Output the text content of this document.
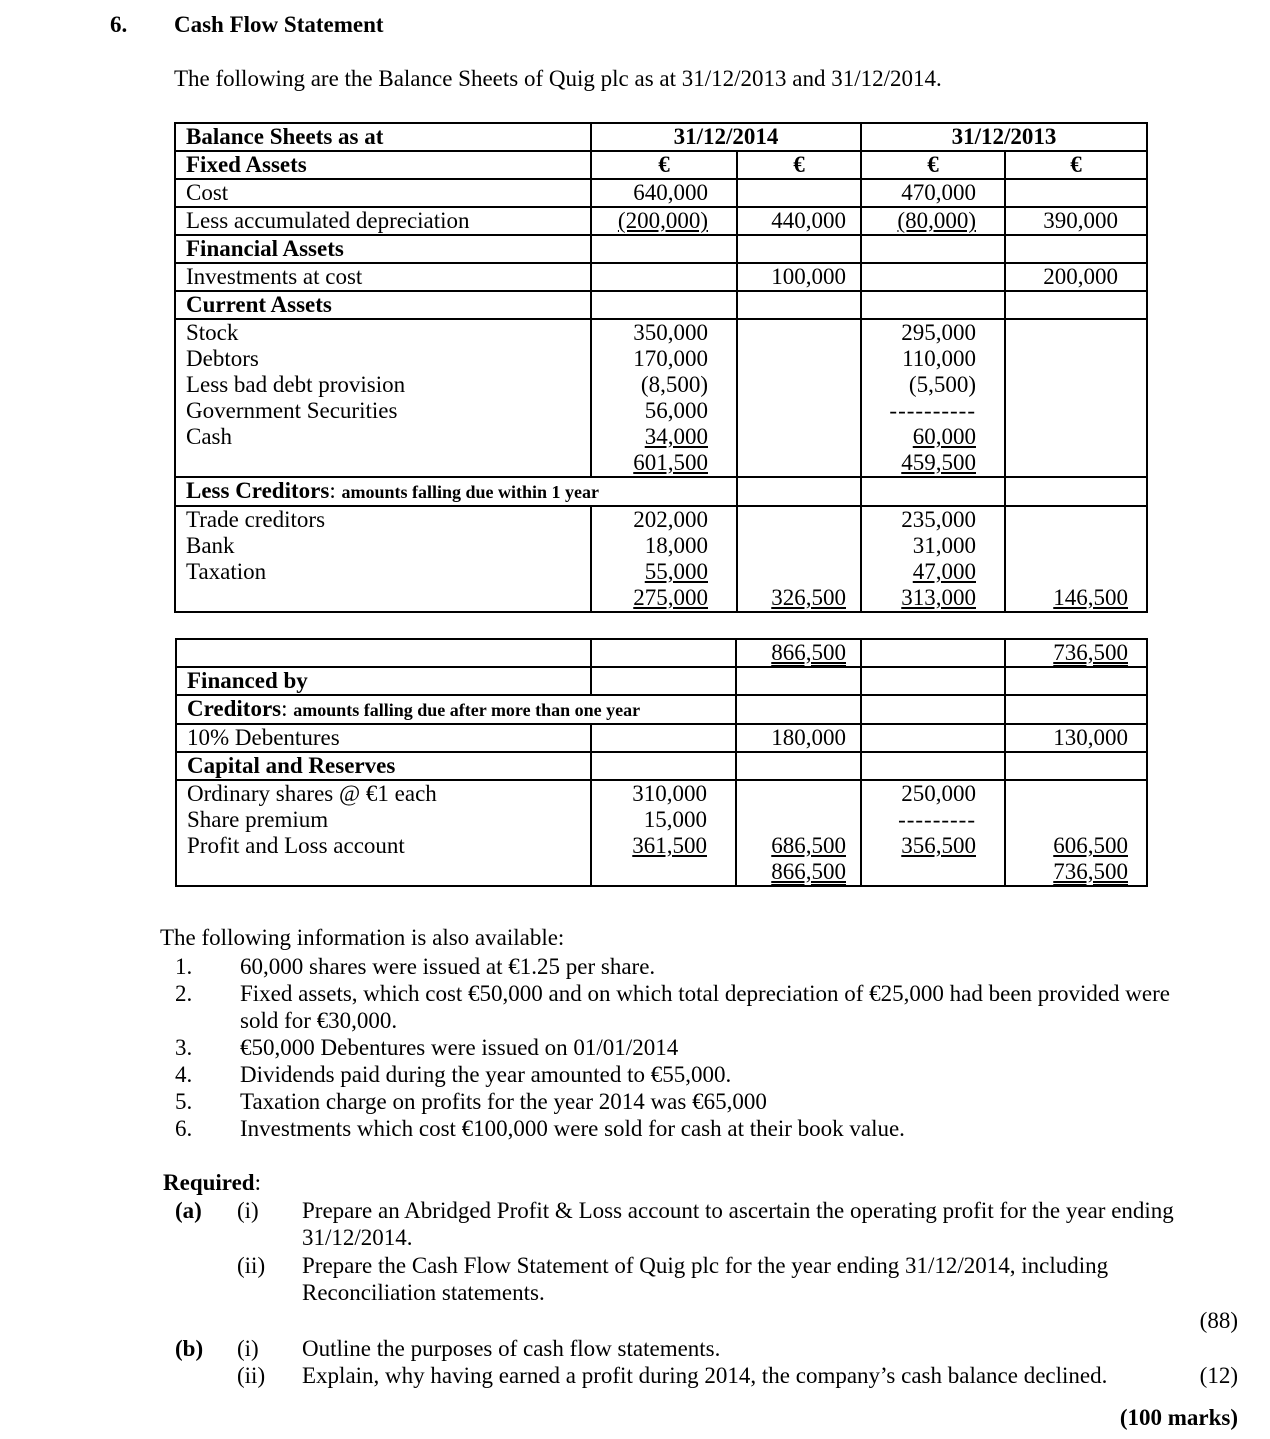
6. Cash Flow Statement
The following are the Balance Sheets of Quig plc as at 31/12/2013 and 31/12/2014.
Balance Sheets as at	31/12/2014		31/12/2013	
Fixed Assets	€	€	€	€
Cost	640,000		470,000	
Less accumulated depreciation	(200,000)	440,000	(80,000)	390,000
Financial Assets				
Investments at cost		100,000		200,000
Current Assets				
Stock	350,000		295,000	
Debtors	170,000		110,000	
Less bad debt provision	(8,500)		(5,500)	
Government Securities	56,000		----------	
Cash	34,000		60,000	
	601,500		459,500	
Less Creditors: amounts falling due within 1 year				
Trade creditors	202,000		235,000	
Bank	18,000		31,000	
Taxation	55,000		47,000	
	275,000	326,500	313,000	146,500
		866,500		736,500
Financed by				
Creditors: amounts falling due after more than one year				
10% Debentures		180,000		130,000
Capital and Reserves				
Ordinary shares @ €1 each	310,000		250,000	
Share premium	15,000		---------	
Profit and Loss account	361,500	686,500	356,500	606,500
		866,500		736,500
The following information is also available:
1. 60,000 shares were issued at €1.25 per share.
2. Fixed assets, which cost €50,000 and on which total depreciation of €25,000 had been provided were sold for €30,000.
3. €50,000 Debentures were issued on 01/01/2014
4. Dividends paid during the year amounted to €55,000.
5. Taxation charge on profits for the year 2014 was €65,000
6. Investments which cost €100,000 were sold for cash at their book value.
Required:
(a) (i) Prepare an Abridged Profit & Loss account to ascertain the operating profit for the year ending 31/12/2014.
(ii) Prepare the Cash Flow Statement of Quig plc for the year ending 31/12/2014, including Reconciliation statements.
(88)
(b) (i) Outline the purposes of cash flow statements.
(ii) Explain, why having earned a profit during 2014, the company’s cash balance declined.	(12)
(100 marks)
